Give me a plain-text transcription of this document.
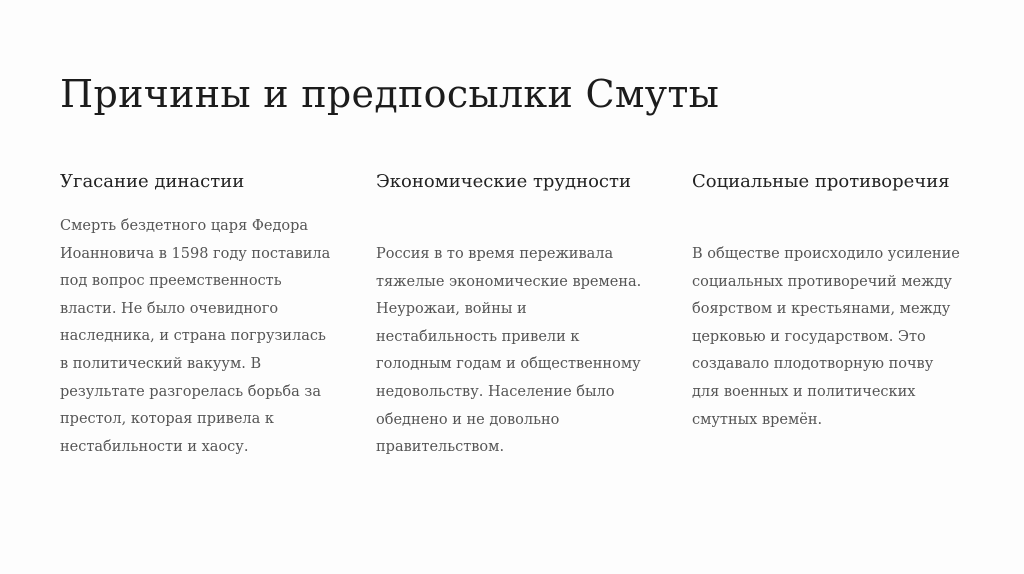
Причины и предпосылки Смуты
Угасание династии
Смерть бездетного царя Федора
Иоанновича в 1598 году поставила
под вопрос преемственность
власти. Не было очевидного
наследника, и страна погрузилась
в политический вакуум. В
результате разгорелась борьба за
престол, которая привела к
нестабильности и хаосу.
Экономические трудности
Россия в то время переживала
тяжелые экономические времена.
Неурожаи, войны и
нестабильность привели к
голодным годам и общественному
недовольству. Население было
обеднено и не довольно
правительством.
Социальные противоречия
В обществе происходило усиление
социальных противоречий между
боярством и крестьянами, между
церковью и государством. Это
создавало плодотворную почву
для военных и политических
смутных времён.
